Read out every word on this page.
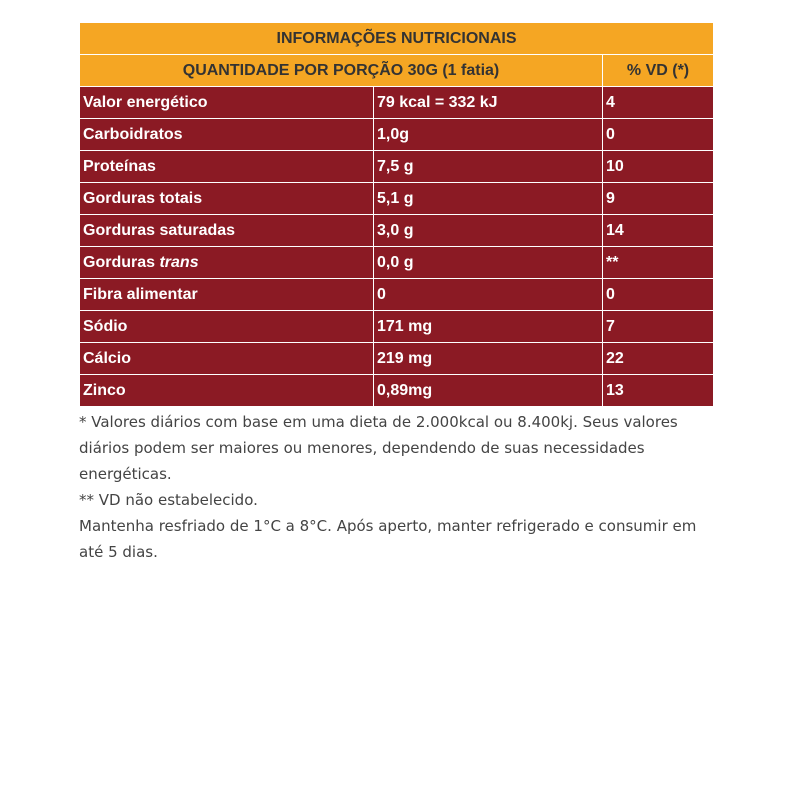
INFORMAÇÕES NUTRICIONAIS		
QUANTIDADE POR PORÇÃO 30G (1 fatia)		% VD (*)
Valor energético	79 kcal = 332 kJ	4
Carboidratos	1,0g	0
Proteínas	7,5 g	10
Gorduras totais	5,1 g	9
Gorduras saturadas	3,0 g	14
Gorduras trans	0,0 g	**
Fibra alimentar	0	0
Sódio	171 mg	7
Cálcio	219 mg	22
Zinco	0,89mg	13

* Valores diários com base em uma dieta de 2.000kcal ou 8.400kj. Seus valores diários podem ser maiores ou menores, dependendo de suas necessidades energéticas.

** VD não estabelecido.

Mantenha resfriado de 1°C a 8°C. Após aperto, manter refrigerado e consumir em até 5 dias.
